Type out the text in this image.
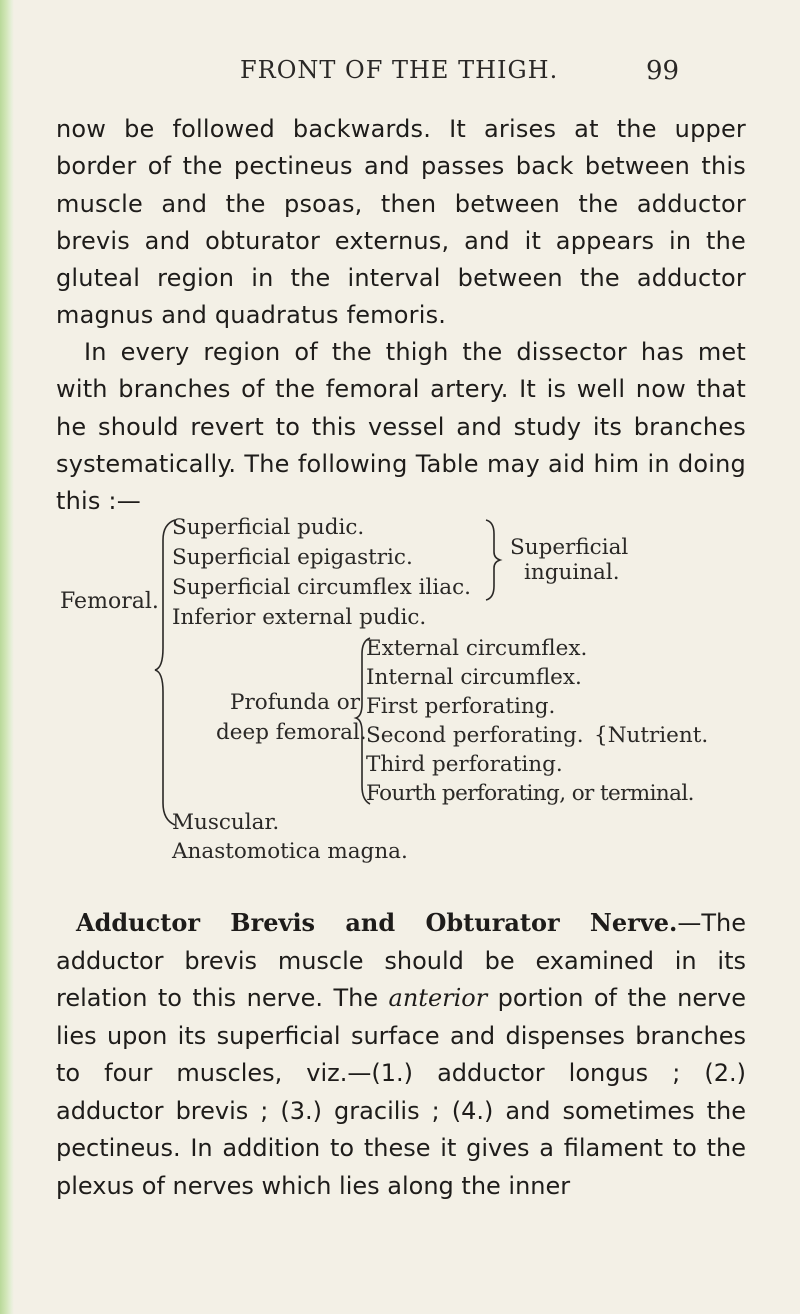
FRONT OF THE THIGH.	99

now be followed backwards. It arises at the upper border of the pectineus and passes back between this muscle and the psoas, then between the adductor brevis and obturator externus, and it appears in the gluteal region in the interval between the adductor magnus and quadratus femoris.

In every region of the thigh the dissector has met with branches of the femoral artery. It is well now that he should revert to this vessel and study its branches systematically. The following Table may aid him in doing this :—

Femoral.
Superficial pudic.
Superficial epigastric.
Superficial circumflex iliac.
Superficial
inguinal.
Inferior external pudic.
Profunda or
deep femoral.
External circumflex.
Internal circumflex.
First perforating.
Second perforating. {Nutrient.
Third perforating.
Fourth perforating, or terminal.
Muscular.
Anastomotica magna.

Adductor Brevis and Obturator Nerve.—The adductor brevis muscle should be examined in its relation to this nerve. The anterior portion of the nerve lies upon its superficial surface and dispenses branches to four muscles, viz.—(1.) adductor longus ; (2.) adductor brevis ; (3.) gracilis ; (4.) and sometimes the pectineus. In addition to these it gives a filament to the plexus of nerves which lies along the inner
